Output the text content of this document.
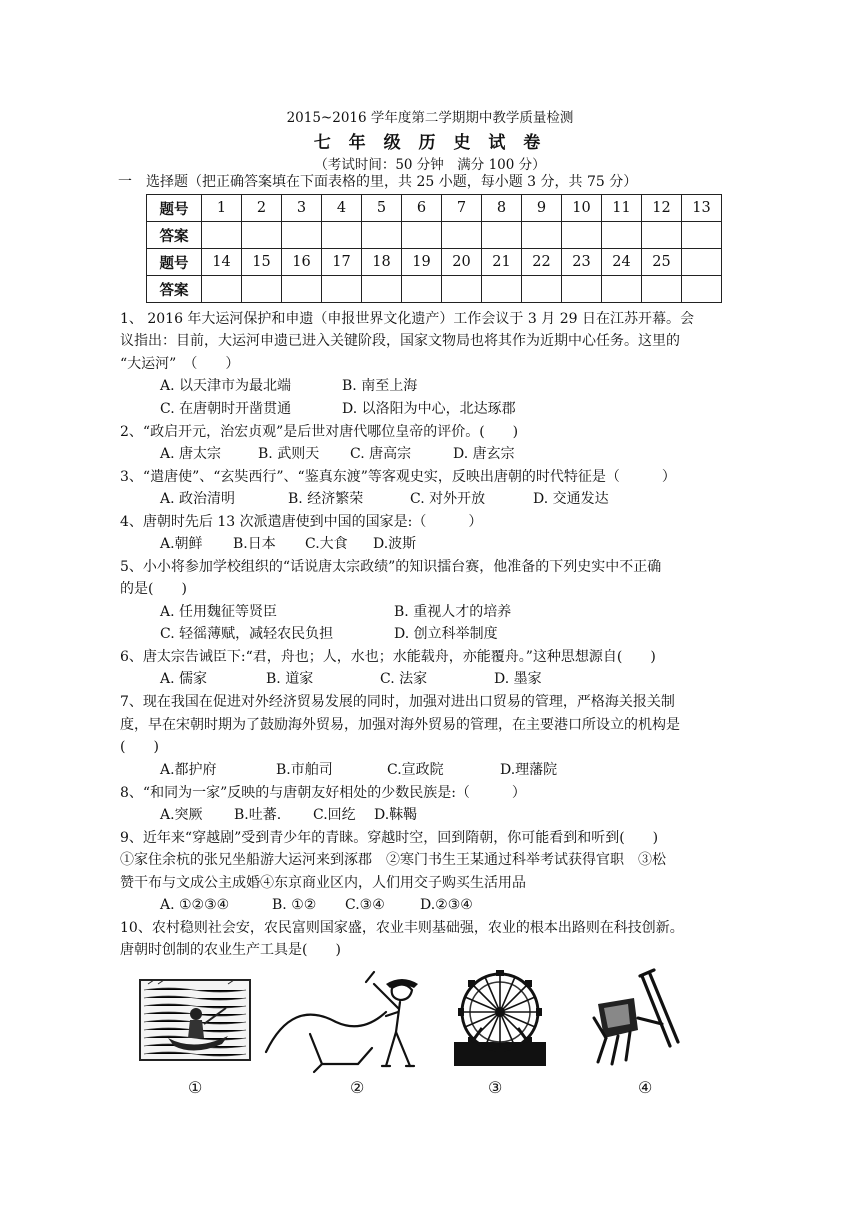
2015~2016 学年度第二学期期中教学质量检测
七 年 级 历 史 试 卷
（考试时间：50 分钟　满分 100 分）
一　选择题（把正确答案填在下面表格的里，共 25 小题，每小题 3 分，共 75 分）
题号	1	2	3	4	5	6	7	8	9	10	11	12	13
答案													
题号	14	15	16	17	18	19	20	21	22	23	24	25	
答案													
1、 2016 年大运河保护和申遗（申报世界文化遗产）工作会议于 3 月 29 日在江苏开幕。会
议指出：目前，大运河申遗已进入关键阶段，国家文物局也将其作为近期中心任务。这里的
“大运河”　（　　）
A. 以天津市为最北端	B. 南至上海
C. 在唐朝时开凿贯通	D. 以洛阳为中心，北达琢郡
2、“政启开元，治宏贞观”是后世对唐代哪位皇帝的评价。(　　)
A. 唐太宗	B. 武则天 C. 唐高宗	D. 唐玄宗
3、“遣唐使”、“玄奘西行”、“鉴真东渡”等客观史实，反映出唐朝的时代特征是（　　　）
A. 政治清明	B. 经济繁荣	C. 对外开放	D. 交通发达
4、唐朝时先后 13 次派遣唐使到中国的国家是:（　　　）
A.朝鲜 B.日本 C.大食 D.波斯
5、小小将参加学校组织的“话说唐太宗政绩”的知识擂台赛，他准备的下列史实中不正确
的是(　　)
A. 任用魏征等贤臣	B. 重视人才的培养
C. 轻徭薄赋，减轻农民负担	D. 创立科举制度
6、唐太宗告诫臣下:“君，舟也；人，水也；水能载舟，亦能覆舟。”这种思想源自(　　)
A. 儒家	B. 道家	C. 法家	D. 墨家
7、现在我国在促进对外经济贸易发展的同时，加强对进出口贸易的管理，严格海关报关制
度，早在宋朝时期为了鼓励海外贸易，加强对海外贸易的管理，在主要港口所设立的机构是
(　　)
A.都护府	B.市舶司	C.宣政院	D.理藩院
8、“和同为一家”反映的与唐朝友好相处的少数民族是:（　　　）
A.突厥 B.吐蕃. C.回纥 D.靺鞨
9、近年来“穿越剧”受到青少年的青睐。穿越时空，回到隋朝，你可能看到和听到(　　)
①家住余杭的张兄坐船游大运河来到涿郡　②寒门书生王某通过科举考试获得官职　③松
赞干布与文成公主成婚④东京商业区内，人们用交子购买生活用品
A. ①②③④	B. ①② C.③④	D.②③④
10、农村稳则社会安，农民富则国家盛，农业丰则基础强，农业的根本出路则在科技创新。
唐朝时创制的农业生产工具是(　　)
①	②	③	④
